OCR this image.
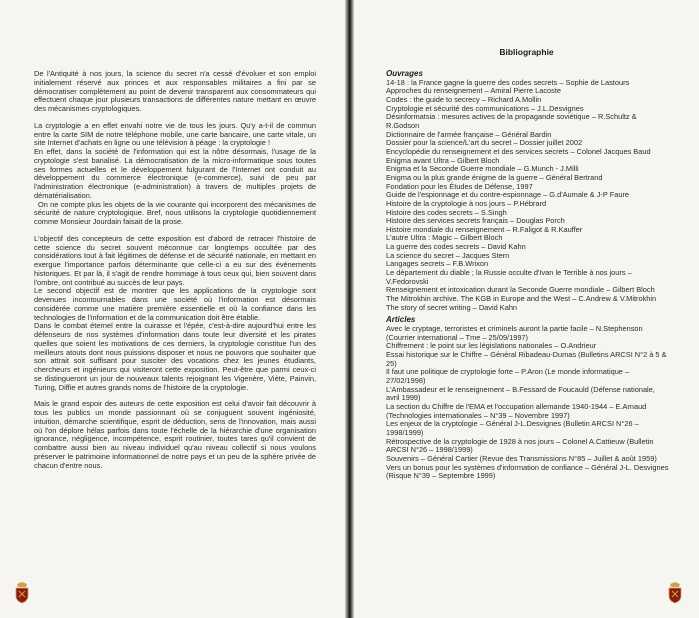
De l'Antiquité à nos jours, la science du secret n'a cessé d'évoluer et son emploi initialement réservé aux princes et aux responsables militaires a fini par se démocratiser complètement au point de devenir transparent aux consommateurs qui effectuent chaque jour plusieurs transactions de différentes nature mettant en œuvre des mécanismes cryptologiques.

La cryptologie a en effet envahi notre vie de tous les jours. Qu'y a-t-il de commun entre la carte SIM de notre téléphone mobile, une carte bancaire, une carte vitale, un site Internet d'achats en ligne ou une télévision à péage : la cryptologie !

En effet, dans la société de l'information qui est la nôtre désormais, l'usage de la cryptologie s'est banalisé. La démocratisation de la micro-informatique sous toutes ses formes actuelles et le développement fulgurant de l'Internet ont conduit au développement du commerce électronique (e-commerce), suivi de peu par l'administration électronique (e-administration) à travers de multiples projets de dématérialisation.

On ne compte plus les objets de la vie courante qui incorporent des mécanismes de sécurité de nature cryptologique. Bref, nous utilisons la cryptologie quotidiennement comme Monsieur Jourdain faisait de la prose.

L'objectif des concepteurs de cette exposition est d'abord de retracer l'histoire de cette science du secret souvent méconnue car longtemps occultée par des considérations tout à fait légitimes de défense et de sécurité nationale, en mettant en exergue l'importance parfois déterminante que celle-ci a eu sur des événements historiques. Et par là, il s'agit de rendre hommage à tous ceux qui, bien souvent dans l'ombre, ont contribué au succès de leur pays.

Le second objectif est de montrer que les applications de la cryptologie sont devenues incontournables dans une société où l'information est désormais considérée comme une matière première essentielle et où la confiance dans les technologies de l'information et de la communication doit être établie.

Dans le combat éternel entre la cuirasse et l'épée, c'est-à-dire aujourd'hui entre les défenseurs de nos systèmes d'information dans toute leur diversité et les pirates quelles que soient les motivations de ces derniers, la cryptologie constitue l'un des meilleurs atouts dont nous puissions disposer et nous ne pouvons que souhaiter que son attrait soit suffisant pour susciter des vocations chez les jeunes étudiants, chercheurs et ingénieurs qui visiteront cette exposition. Peut-être que parmi ceux-ci se distingueront un jour de nouveaux talents rejoignant les Vigenère, Viète, Painvin, Turing, Diffie et autres grands noms de l'histoire de la cryptologie.

Mais le grand espoir des auteurs de cette exposition est celui d'avoir fait découvrir à tous les publics un monde passionnant où se conjuguent souvent ingéniosité, intuition, démarche scientifique, esprit de déduction, sens de l'innovation, mais aussi où l'on déplore hélas parfois dans toute l'échelle de la hiérarchie d'une organisation ignorance, négligence, incompétence, esprit routinier, toutes tares qu'il convient de combattre aussi bien au niveau individuel qu'au niveau collectif si nous voulons préserver le patrimoine informationnel de notre pays et un peu de la sphère privée de chacun d'entre nous.

Bibliographie
Ouvrages
14-18 : la France gagne la guerre des codes secrets – Sophie de Lastours
Approches du renseignement – Amiral Pierre Lacoste
Codes : the guide to secrecy – Richard A.Mollin
Cryptologie et sécurité des communications – J.L.Desvignes
Désinformatsia : mesures actives de la propagande soviétique – R.Schultz & R.Godson
Dictionnaire de l'armée française – Général Bardin
Dossier pour la science/L'art du secret – Dossier juillet 2002
Encyclopédie du renseignement et des services secrets – Colonel Jacques Baud
Enigma avant Ultra – Gilbert Bloch
Enigma et la Seconde Guerre mondiale – G.Munch - J.Milli
Enigma ou la plus grande énigme de la guerre – Général Bertrand
Fondation pour les Études de Défense, 1997
Guide de l'espionnage et du contre-espionnage – G.d'Aumale & J-P Faure
Histoire de la cryptologie à nos jours – P.Hébrard
Histoire des codes secrets – S.Singh
Histoire des services secrets français – Douglas Porch
Histoire mondiale du renseignement – R.Faligot & R.Kauffer
L'autre Ultra : Magic – Gilbert Bloch
La guerre des codes secrets – David Kahn
La science du secret – Jacques Stern
Langages secrets – F.B.Wrixon
Le département du diable ; la Russie occulte d'Ivan le Terrible à nos jours – V.Fedorovski
Renseignement et intoxication durant la Seconde Guerre mondiale – Gilbert Bloch
The Mitrokhin archive. The KGB in Europe and the West – C.Andrew & V.Mitrokhin
The story of secret writing – David Kahn
Articles
Avec le cryptage, terroristes et criminels auront la partie facile – N.Stephenson (Courrier international – Tme – 25/09/1997)
Chiffrement : le point sur les législations nationales – O.Andrieur
Essai historique sur le Chiffre – Général Ribadeau-Dumas (Bulletins ARCSI N°2 à 5 & 25)
Il faut une politique de cryptologie forte – P.Aron (Le monde informatique – 27/02/1998)
L'Ambassadeur et le renseignement – B.Fessard de Foucauld (Défense nationale, avril 1999)
La section du Chiffre de l'EMA et l'occupation allemande 1940-1944 – E.Arnaud (Technologies internationales – N°39 – Novembre 1997)
Les enjeux de la cryptologie – Général J-L.Desvignes (Bulletin ARCSI N°26 – 1998/1999)
Rétrospective de la cryptologie de 1928 à nos jours – Colonel A.Cattieuw (Bulletin ARCSI N°26 – 1998/1999)
Souvenirs – Général Cartier (Revue des Transmissions N°85 – Juillet & août 1959)
Vers un bonus pour les systèmes d'information de confiance – Général J-L. Desvignes (Risque N°39 – Septembre 1999)
